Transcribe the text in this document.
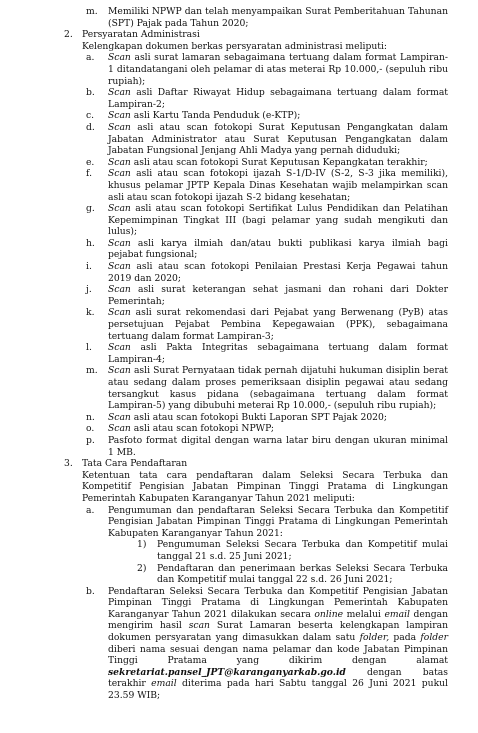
m. Memiliki NPWP dan telah menyampaikan Surat Pemberitahuan Tahunan (SPT) Pajak pada Tahun 2020;
2. Persyaratan Administrasi
Kelengkapan dokumen berkas persyaratan administrasi meliputi:
a. Scan asli surat lamaran sebagaimana tertuang dalam format Lampiran-1 ditandatangani oleh pelamar di atas meterai Rp 10.000,- (sepuluh ribu rupiah);
b. Scan asli Daftar Riwayat Hidup sebagaimana tertuang dalam format Lampiran-2;
c. Scan asli Kartu Tanda Penduduk (e-KTP);
d. Scan asli atau scan fotokopi Surat Keputusan Pengangkatan dalam Jabatan Administrator atau Surat Keputusan Pengangkatan dalam Jabatan Fungsional Jenjang Ahli Madya yang pernah diduduki;
e. Scan asli atau scan fotokopi Surat Keputusan Kepangkatan terakhir;
f. Scan asli atau scan fotokopi ijazah S-1/D-IV (S-2, S-3 jika memiliki), khusus pelamar JPTP Kepala Dinas Kesehatan wajib melampirkan scan asli atau scan fotokopi ijazah S-2 bidang kesehatan;
g. Scan asli atau scan fotokopi Sertifikat Lulus Pendidikan dan Pelatihan Kepemimpinan Tingkat III (bagi pelamar yang sudah mengikuti dan lulus);
h. Scan asli karya ilmiah dan/atau bukti publikasi karya ilmiah bagi pejabat fungsional;
i. Scan asli atau scan fotokopi Penilaian Prestasi Kerja Pegawai tahun 2019 dan 2020;
j. Scan asli surat keterangan sehat jasmani dan rohani dari Dokter Pemerintah;
k. Scan asli surat rekomendasi dari Pejabat yang Berwenang (PyB) atas persetujuan Pejabat Pembina Kepegawaian (PPK), sebagaimana tertuang dalam format Lampiran-3;
l. Scan asli Pakta Integritas sebagaimana tertuang dalam format Lampiran-4;
m. Scan asli Surat Pernyataan tidak pernah dijatuhi hukuman disiplin berat atau sedang dalam proses pemeriksaan disiplin pegawai atau sedang tersangkut kasus pidana (sebagaimana tertuang dalam format Lampiran-5) yang dibubuhi meterai Rp 10.000,- (sepuluh ribu rupiah);
n. Scan asli atau scan fotokopi Bukti Laporan SPT Pajak 2020;
o. Scan asli atau scan fotokopi NPWP;
p. Pasfoto format digital dengan warna latar biru dengan ukuran minimal 1 MB.
3. Tata Cara Pendaftaran
Ketentuan tata cara pendaftaran dalam Seleksi Secara Terbuka dan Kompetitif Pengisian Jabatan Pimpinan Tinggi Pratama di Lingkungan Pemerintah Kabupaten Karanganyar Tahun 2021 meliputi:
a. Pengumuman dan pendaftaran Seleksi Secara Terbuka dan Kompetitif Pengisian Jabatan Pimpinan Tinggi Pratama di Lingkungan Pemerintah Kabupaten Karanganyar Tahun 2021:
1) Pengumuman Seleksi Secara Terbuka dan Kompetitif mulai tanggal 21 s.d. 25 Juni 2021;
2) Pendaftaran dan penerimaan berkas Seleksi Secara Terbuka dan Kompetitif mulai tanggal 22 s.d. 26 Juni 2021;
b. Pendaftaran Seleksi Secara Terbuka dan Kompetitif Pengisian Jabatan Pimpinan Tinggi Pratama di Lingkungan Pemerintah Kabupaten Karanganyar Tahun 2021 dilakukan secara online melalui email dengan mengirim hasil scan Surat Lamaran beserta kelengkapan lampiran dokumen persyaratan yang dimasukkan dalam satu folder, pada folder diberi nama sesuai dengan nama pelamar dan kode Jabatan Pimpinan Tinggi Pratama yang dikirim dengan alamat sekretariat.pansel_JPT@karanganyarkab.go.id dengan batas terakhir email diterima pada hari Sabtu tanggal 26 Juni 2021 pukul 23.59 WIB;
